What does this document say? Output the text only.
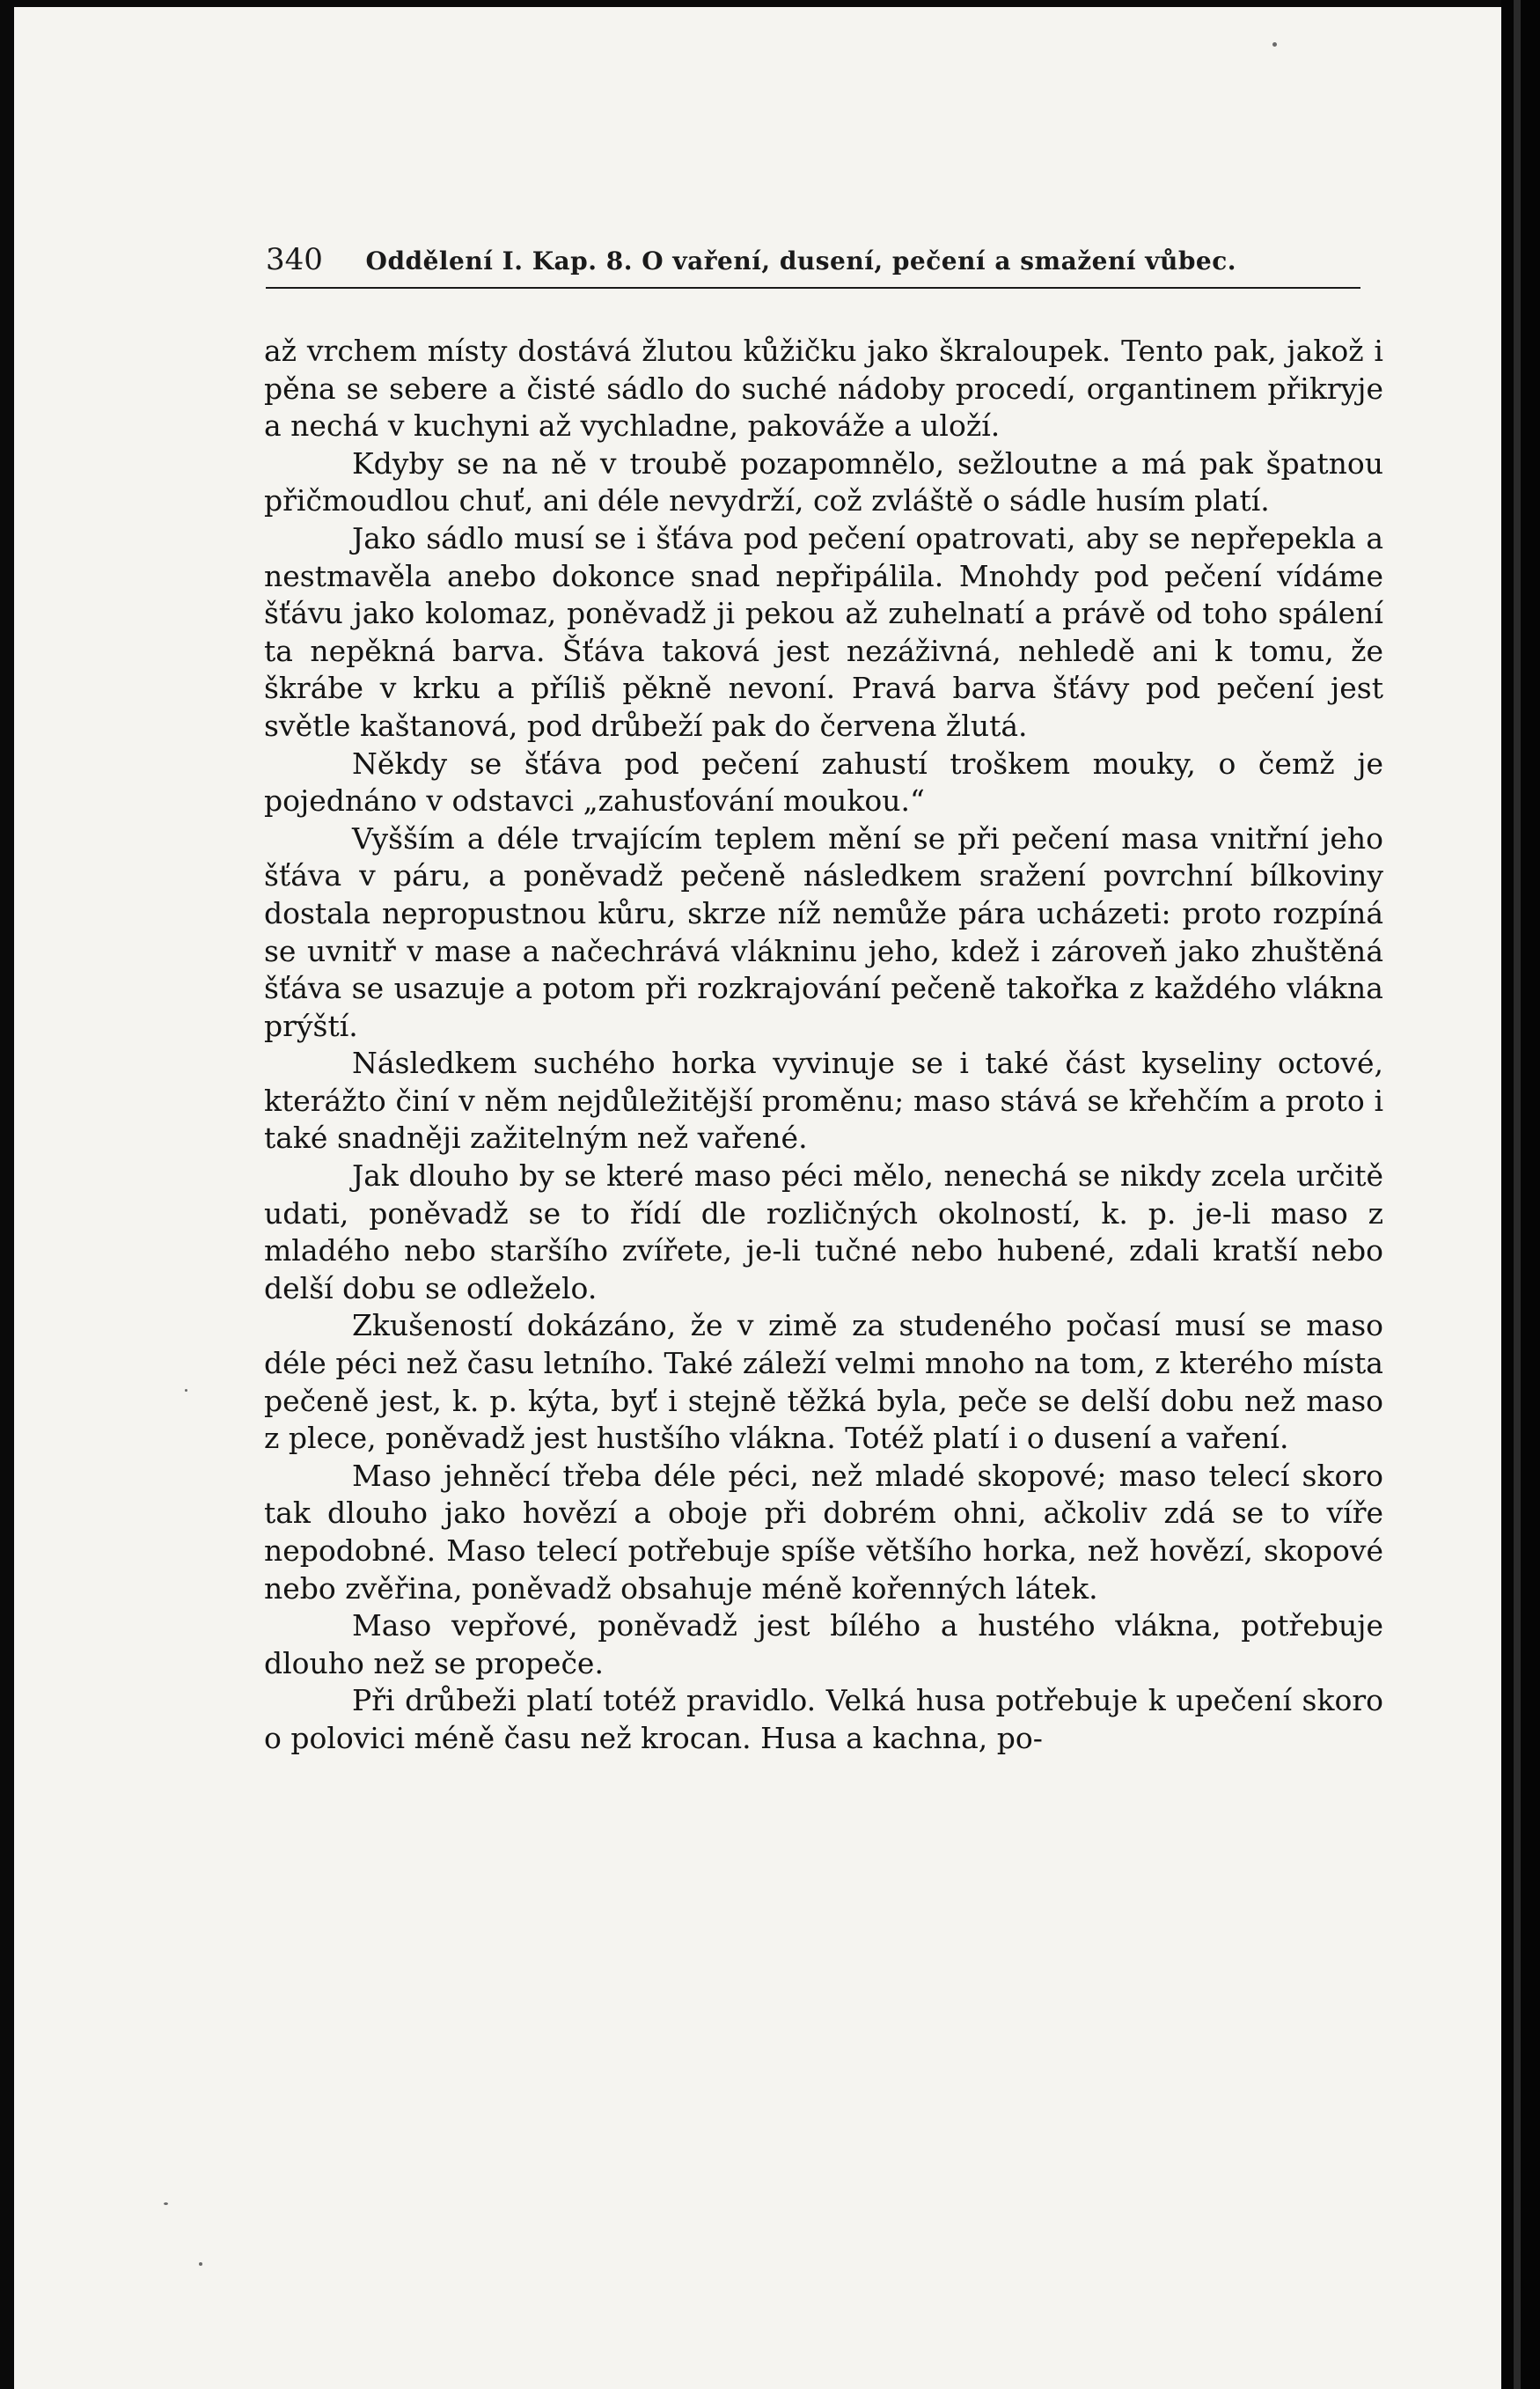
340 Oddělení I. Kap. 8. O vaření, dusení, pečení a smažení vůbec.

až vrchem místy dostává žlutou kůžičku jako škraloupek. Tento pak, jakož i pěna se sebere a čisté sádlo do suché nádoby procedí, organtinem přikryje a nechá v kuchyni až vychladne, pakováže a uloží.

Kdyby se na ně v troubě pozapomnělo, sežloutne a má pak špatnou přičmoudlou chuť, ani déle nevydrží, což zvláště o sádle husím platí.

Jako sádlo musí se i šťáva pod pečení opatrovati, aby se nepřepekla a nestmavěla anebo dokonce snad nepřipálila. Mnohdy pod pečení vídáme šťávu jako kolomaz, poněvadž ji pekou až zuhelnatí a právě od toho spálení ta nepěkná barva. Šťáva taková jest nezáživná, nehledě ani k tomu, že škrábe v krku a příliš pěkně nevoní. Pravá barva šťávy pod pečení jest světle kaštanová, pod drůbeží pak do červena žlutá.

Někdy se šťáva pod pečení zahustí troškem mouky, o čemž je pojednáno v odstavci „zahusťování moukou.“

Vyšším a déle trvajícím teplem mění se při pečení masa vnitřní jeho šťáva v páru, a poněvadž pečeně následkem sražení povrchní bílkoviny dostala nepropustnou kůru, skrze níž nemůže pára ucházeti: proto rozpíná se uvnitř v mase a načechrává vlákninu jeho, kdež i zároveň jako zhuštěná šťáva se usazuje a potom při rozkrajování pečeně takořka z každého vlákna prýští.

Následkem suchého horka vyvinuje se i také část kyseliny octové, kterážto činí v něm nejdůležitější proměnu; maso stává se křehčím a proto i také snadněji zažitelným než vařené.

Jak dlouho by se které maso péci mělo, nenechá se nikdy zcela určitě udati, poněvadž se to řídí dle rozličných okolností, k. p. je-li maso z mladého nebo staršího zvířete, je-li tučné nebo hubené, zdali kratší nebo delší dobu se odleželo.

Zkušeností dokázáno, že v zimě za studeného počasí musí se maso déle péci než času letního. Také záleží velmi mnoho na tom, z kterého místa pečeně jest, k. p. kýta, byť i stejně těžká byla, peče se delší dobu než maso z plece, poněvadž jest hustšího vlákna. Totéž platí i o dusení a vaření.

Maso jehněcí třeba déle péci, než mladé skopové; maso telecí skoro tak dlouho jako hovězí a oboje při dobrém ohni, ačkoliv zdá se to víře nepodobné. Maso telecí potřebuje spíše většího horka, než hovězí, skopové nebo zvěřina, poněvadž obsahuje méně kořenných látek.

Maso vepřové, poněvadž jest bílého a hustého vlákna, potřebuje dlouho než se propeče.

Při drůbeži platí totéž pravidlo. Velká husa potřebuje k upečení skoro o polovici méně času než krocan. Husa a kachna, po-
